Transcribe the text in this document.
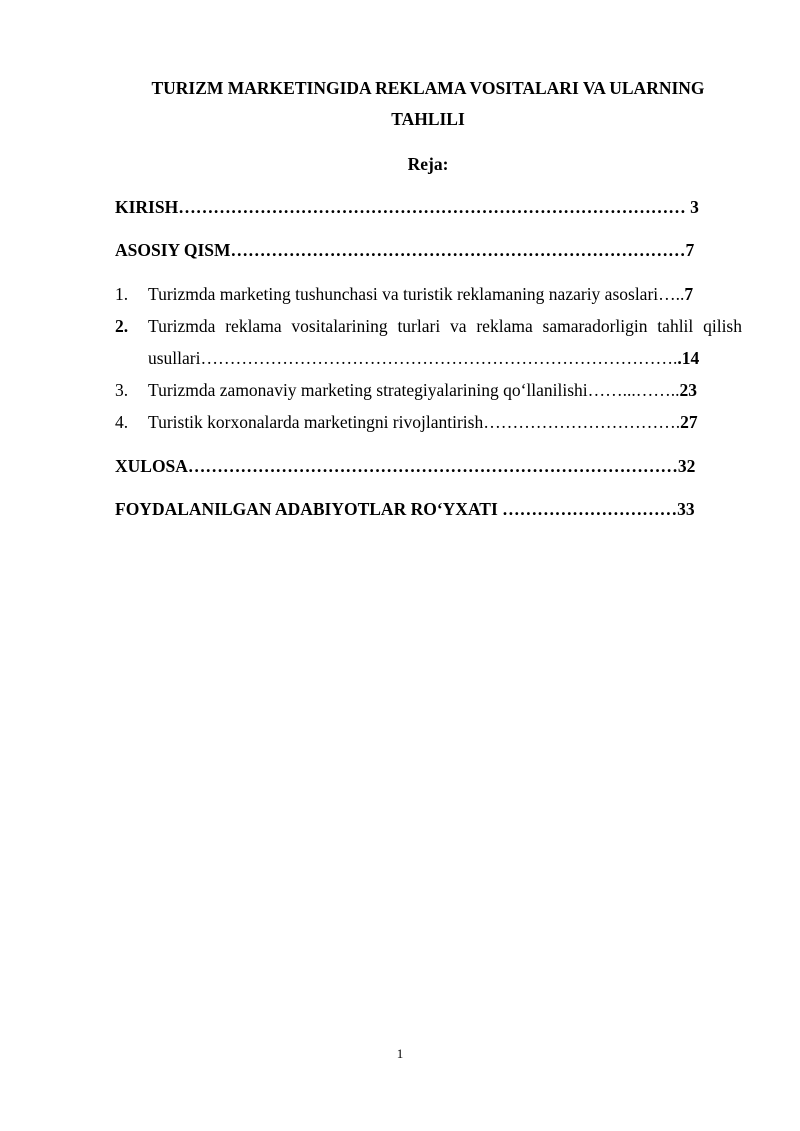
TURIZM MARKETINGIDA REKLAMA VOSITALARI VA ULARNING
TAHLILI
Reja:
KIRISH…………………………………………………………………………… 3
ASOSIY QISM……………………………………………………………………7
1. Turizmda marketing tushunchasi va turistik reklamaning nazariy asoslari…..7
2. Turizmda reklama vositalarining turlari va reklama samaradorligin tahlil qilish
usullari………………………………………………………………………..14
3. Turizmda zamonaviy marketing strategiyalarining qo‘llanilishi……...……..23
4. Turistik korxonalarda marketingni rivojlantirish…………………………….27
XULOSA…………………………………………………………………………32
FOYDALANILGAN ADABIYOTLAR RO‘YXATI …………………………33
1
